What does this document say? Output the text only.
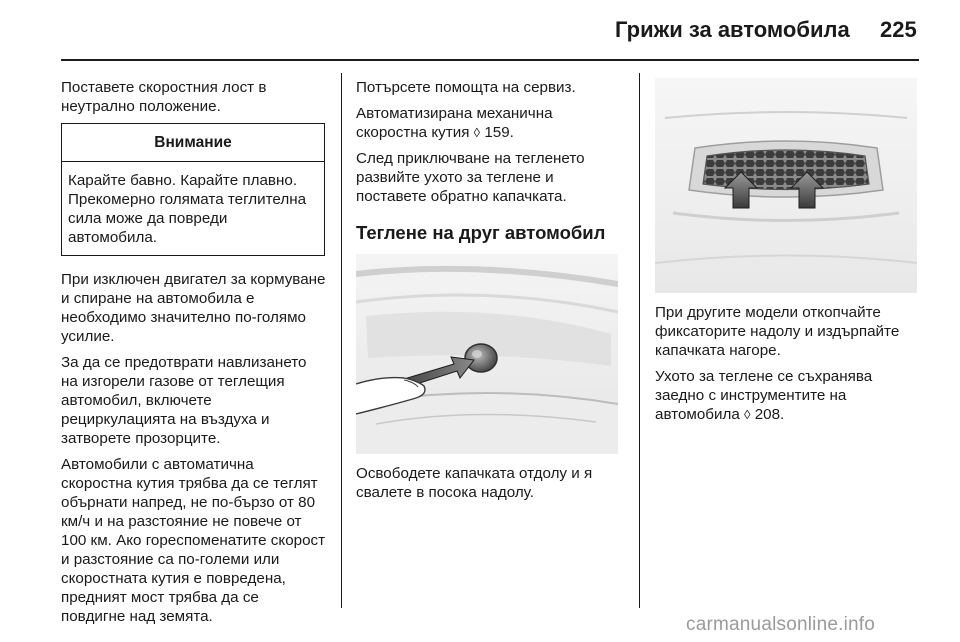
Грижи за автомобила 225

Поставете скоростния лост в неутрално положение.

Внимание
Карайте бавно. Карайте плавно. Прекомерно голямата теглителна сила може да повреди автомобила.

При изключен двигател за кормуване и спиране на автомобила е необходимо значително по-голямо усилие.

За да се предотврати навлизането на изгорели газове от теглещия автомобил, включете рециркулацията на въздуха и затворете прозорците.

Автомобили с автоматична скоростна кутия трябва да се теглят обърнати напред, не по-бързо от 80 км/ч и на разстояние не повече от 100 км. Ако гореспоменатите скорост и разстояние са по-големи или скоростната кутия е повредена, предният мост трябва да се повдигне над земята.

Потърсете помощта на сервиз.

Автоматизирана механична скоростна кутия ◊ 159.

След приключване на тегленето развийте ухото за теглене и поставете обратно капачката.

Теглене на друг автомобил

Освободете капачката отдолу и я свалете в посока надолу.

При другите модели откопчайте фиксаторите надолу и издърпайте капачката нагоре.

Ухото за теглене се съхранява заедно с инструментите на автомобила ◊ 208.

carmanualsonline.info
